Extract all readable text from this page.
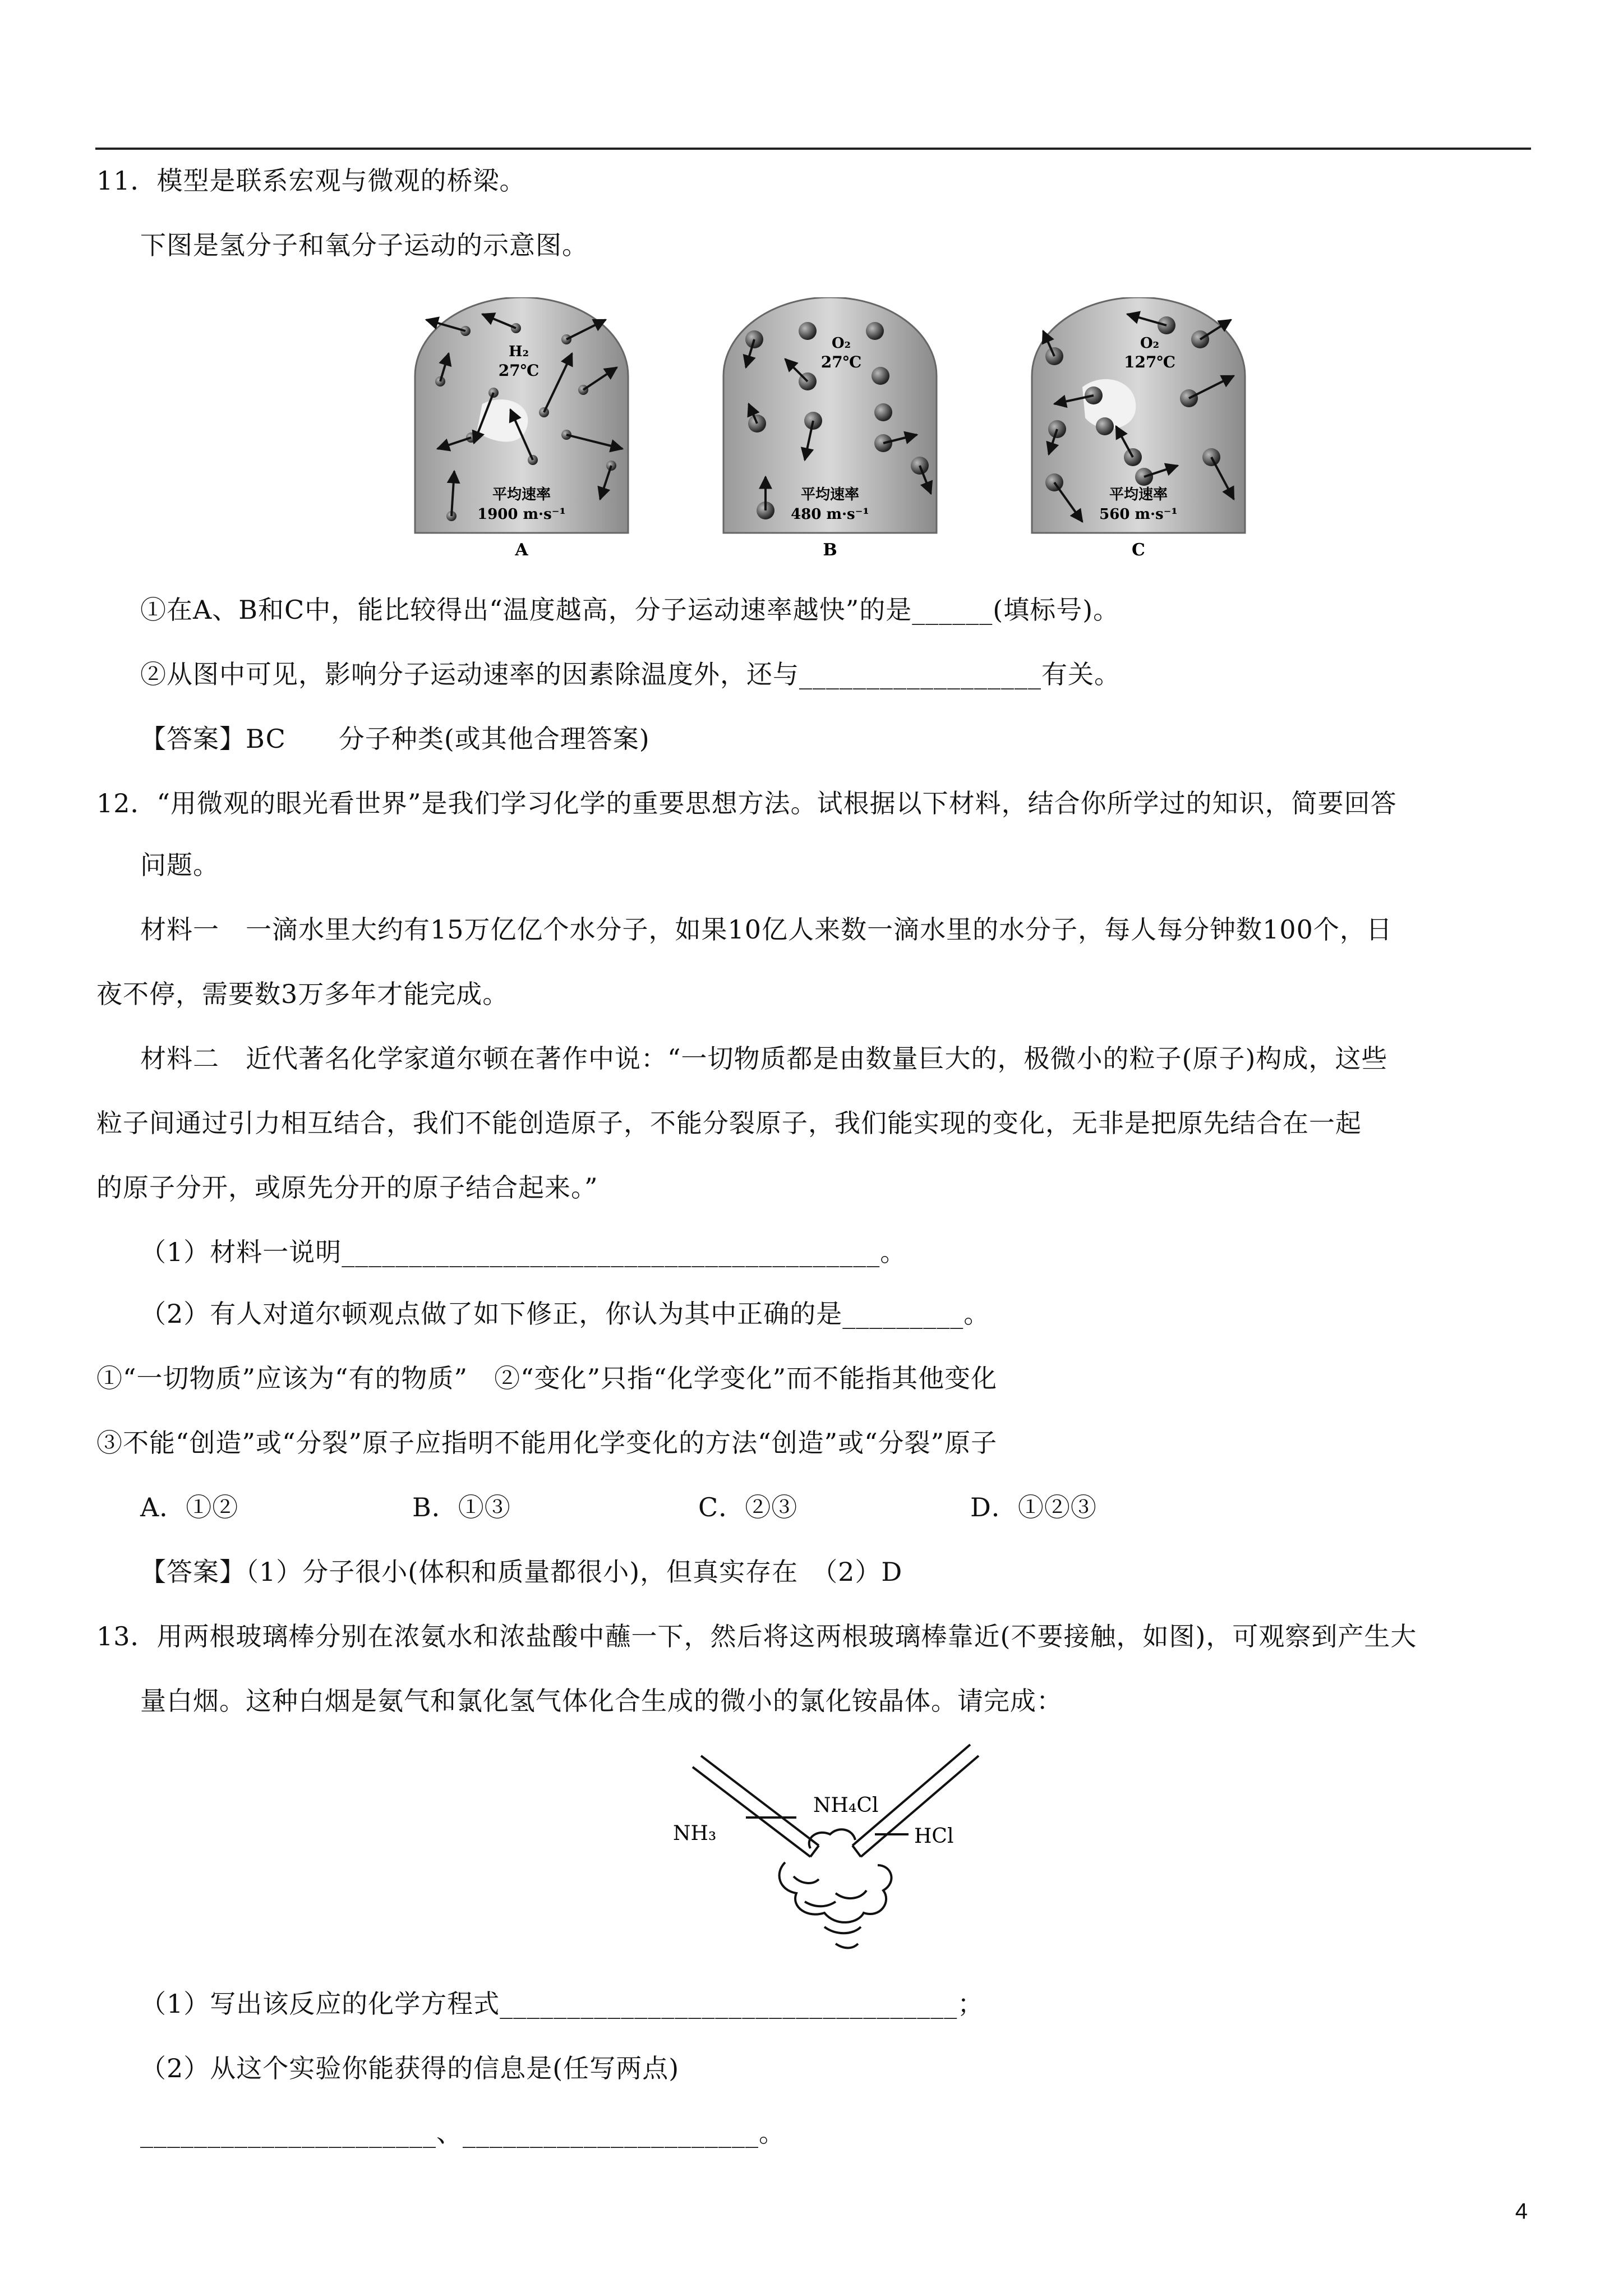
11．模型是联系宏观与微观的桥梁。
下图是氢分子和氧分子运动的示意图。
H₂
27℃
平均速率
1900 m·s⁻¹
A
O₂
27℃
平均速率
480 m·s⁻¹
B
O₂
127℃
平均速率
560 m·s⁻¹
C
①在A、B和C中，能比较得出“温度越高，分子运动速率越快”的是______(填标号)。
②从图中可见，影响分子运动速率的因素除温度外，还与__________________有关。
【答案】BC　　分子种类(或其他合理答案)
12．“用微观的眼光看世界”是我们学习化学的重要思想方法。试根据以下材料，结合你所学过的知识，简要回答
问题。
材料一　一滴水里大约有15万亿亿个水分子，如果10亿人来数一滴水里的水分子，每人每分钟数100个，日
夜不停，需要数3万多年才能完成。
材料二　近代著名化学家道尔顿在著作中说：“一切物质都是由数量巨大的，极微小的粒子(原子)构成，这些
粒子间通过引力相互结合，我们不能创造原子，不能分裂原子，我们能实现的变化，无非是把原先结合在一起
的原子分开，或原先分开的原子结合起来。”
（1）材料一说明________________________________________。
（2）有人对道尔顿观点做了如下修正，你认为其中正确的是_________。
①“一切物质”应该为“有的物质”　②“变化”只指“化学变化”而不能指其他变化
③不能“创造”或“分裂”原子应指明不能用化学变化的方法“创造”或“分裂”原子
A．①②	B．①③	C．②③	D．①②③
【答案】（1）分子很小(体积和质量都很小)，但真实存在　（2）D
13．用两根玻璃棒分别在浓氨水和浓盐酸中蘸一下，然后将这两根玻璃棒靠近(不要接触，如图)，可观察到产生大
量白烟。这种白烟是氨气和氯化氢气体化合生成的微小的氯化铵晶体。请完成：
NH₃
NH₄Cl
HCl
（1）写出该反应的化学方程式__________________________________；
（2）从这个实验你能获得的信息是(任写两点)
______________________、______________________。
4
